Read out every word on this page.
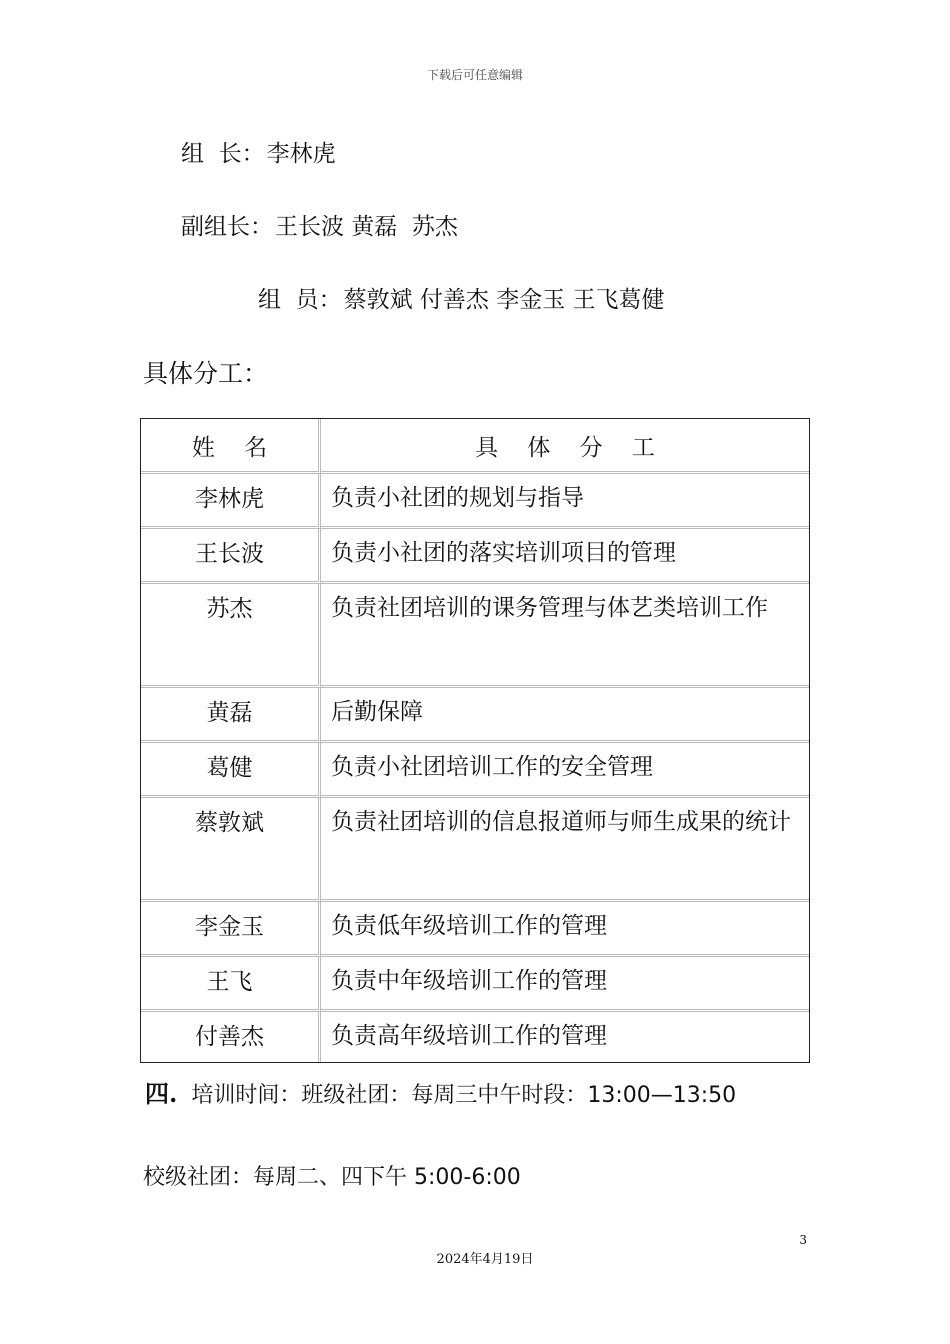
下载后可任意编辑
组  长：李林虎
副组长：王长波 黄磊  苏杰
组  员：蔡敦斌 付善杰 李金玉 王飞葛健
具体分工：
姓    名	具    体    分    工

李林虎	负责小社团的规划与指导

王长波	负责小社团的落实培训项目的管理

苏杰	负责社团培训的课务管理与体艺类培训工作

黄磊	后勤保障

葛健	负责小社团培训工作的安全管理

蔡敦斌	负责社团培训的信息报道师与师生成果的统计

李金玉	负责低年级培训工作的管理

王飞	负责中年级培训工作的管理

付善杰	负责高年级培训工作的管理
四. 培训时间：班级社团：每周三中午时段：13:00—13:50
校级社团：每周二、四下午 5:00-6:00
3
2024年4月19日
